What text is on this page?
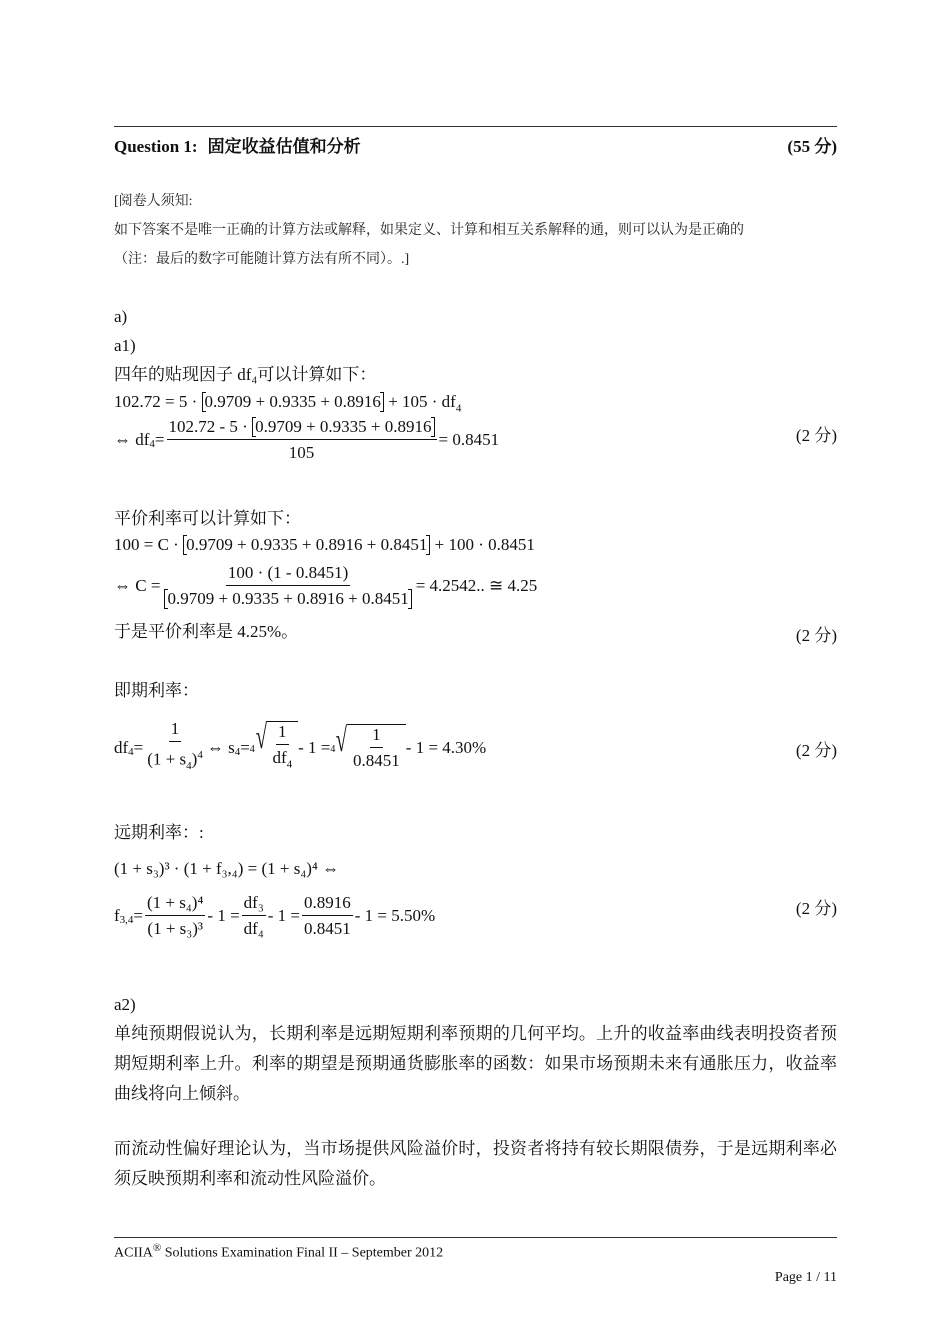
Question 1: 固定收益估值和分析	(55 分)
[阅卷人须知:
如下答案不是唯一正确的计算方法或解释，如果定义、计算和相互关系解释的通，则可以认为是正确的
（注：最后的数字可能随计算方法有所不同）。.]
a)
a1)
四年的贴现因子 df₄可以计算如下：
$102.72 = 5 \cdot 0.9709 + 0.9335 + 0.8916 + 105 \cdot df_4$
⇔ $df_4 = \frac{102.72 - 5 \cdot 0.9709 + 0.9335 + 0.8916}{105} = 0.8451$	(2 分)
平价利率可以计算如下：
100 = C · 0.9709 + 0.9335 + 0.8916 + 0.8451 + 100 · 0.8451
⇔ $C = \frac{100 \cdot (1 - 0.8451)}{0.9709 + 0.9335 + 0.8916 + 0.8451} = 4.2542$.. ≅ 4.25
于是平价利率是 4.25%。	(2 分)
即期利率：
$df_4 = \frac{1}{(1 + s_4)^4}$ ⇔ $s_4 = 4$ √ $\frac{1}{df_4} - 1 = 4$ √ $\frac{1}{0.8451} - 1 = 4.30\%$	(2 分)
远期利率：:
(1 + s₃)³ · (1 + f₃,₄) = (1 + s₄)⁴ ⇔
$f_{3,4} = \frac{\text{(1 + s₄)⁴}}{\text{(1 + s₃)³}} - 1 = \frac{\text{df₃}}{\text{df₄}} - 1 = \frac{0.8916}{0.8451} - 1 = 5.50\%$	(2 分)
a2)
单纯预期假说认为，长期利率是远期短期利率预期的几何平均。上升的收益率曲线表明投资者预期短期利率上升。利率的期望是预期通货膨胀率的函数：如果市场预期未来有通胀压力，收益率曲线将向上倾斜。
而流动性偏好理论认为，当市场提供风险溢价时，投资者将持有较长期限债券，于是远期利率必须反映预期利率和流动性风险溢价。
ACIIA® Solutions Examination Final II – September 2012
Page 1 / 11
